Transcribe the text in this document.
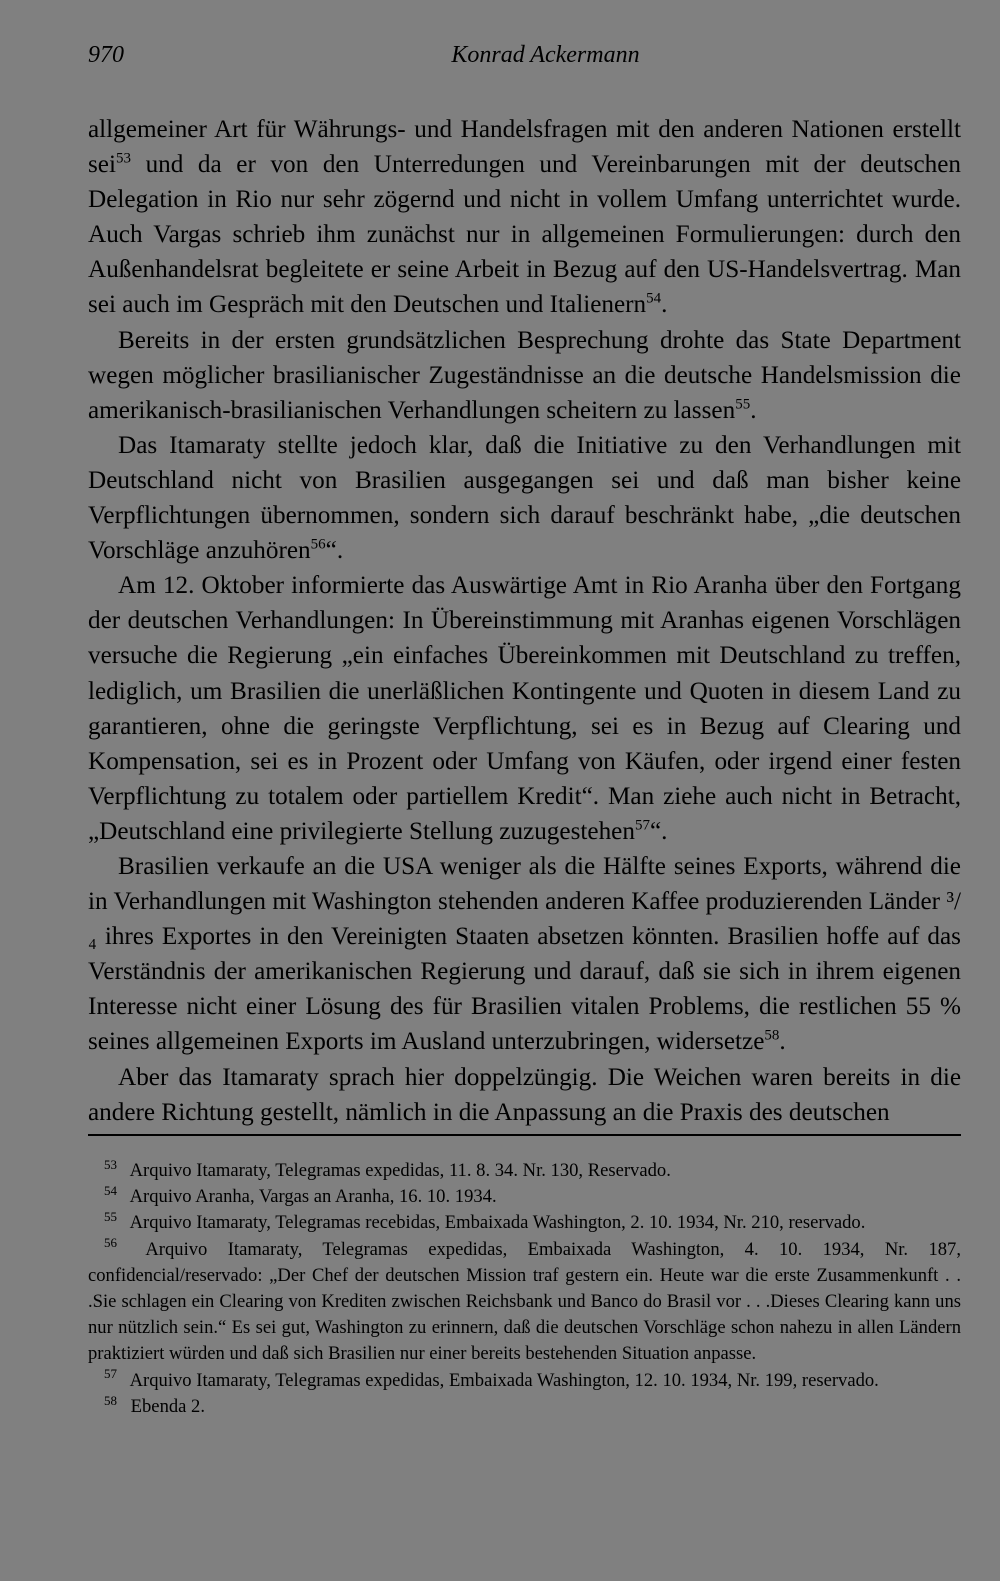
970	Konrad Ackermann

allgemeiner Art für Währungs- und Handelsfragen mit den anderen Nationen erstellt sei$^{53}$ und da er von den Unterredungen und Vereinbarungen mit der deutschen Delegation in Rio nur sehr zögernd und nicht in vollem Umfang unterrichtet wurde. Auch Vargas schrieb ihm zunächst nur in allgemeinen Formulierungen: durch den Außenhandelsrat begleitete er seine Arbeit in Bezug auf den US-Handelsvertrag. Man sei auch im Gespräch mit den Deutschen und Italienern$^{54}$.

Bereits in der ersten grundsätzlichen Besprechung drohte das State Department wegen möglicher brasilianischer Zugeständnisse an die deutsche Handelsmission die amerikanisch-brasilianischen Verhandlungen scheitern zu lassen$^{55}$.

Das Itamaraty stellte jedoch klar, daß die Initiative zu den Verhandlungen mit Deutschland nicht von Brasilien ausgegangen sei und daß man bisher keine Verpflichtungen übernommen, sondern sich darauf beschränkt habe, „die deutschen Vorschläge anzuhören$^{56}$“.

Am 12. Oktober informierte das Auswärtige Amt in Rio Aranha über den Fortgang der deutschen Verhandlungen: In Übereinstimmung mit Aranhas eigenen Vorschlägen versuche die Regierung „ein einfaches Übereinkommen mit Deutschland zu treffen, lediglich, um Brasilien die unerläßlichen Kontingente und Quoten in diesem Land zu garantieren, ohne die geringste Verpflichtung, sei es in Bezug auf Clearing und Kompensation, sei es in Prozent oder Umfang von Käufen, oder irgend einer festen Verpflichtung zu totalem oder partiellem Kredit“. Man ziehe auch nicht in Betracht, „Deutschland eine privilegierte Stellung zuzugestehen$^{57}$“.

Brasilien verkaufe an die USA weniger als die Hälfte seines Exports, während die in Verhandlungen mit Washington stehenden anderen Kaffee produzierenden Länder ³/₄ ihres Exportes in den Vereinigten Staaten absetzen könnten. Brasilien hoffe auf das Verständnis der amerikanischen Regierung und darauf, daß sie sich in ihrem eigenen Interesse nicht einer Lösung des für Brasilien vitalen Problems, die restlichen 55 % seines allgemeinen Exports im Ausland unterzubringen, widersetze$^{58}$.

Aber das Itamaraty sprach hier doppelzüngig. Die Weichen waren bereits in die andere Richtung gestellt, nämlich in die Anpassung an die Praxis des deutschen

53 Arquivo Itamaraty, Telegramas expedidas, 11. 8. 34. Nr. 130, Reservado.

54 Arquivo Aranha, Vargas an Aranha, 16. 10. 1934.

55 Arquivo Itamaraty, Telegramas recebidas, Embaixada Washington, 2. 10. 1934, Nr. 210, reservado.

56 Arquivo Itamaraty, Telegramas expedidas, Embaixada Washington, 4. 10. 1934, Nr. 187, confidencial/reservado: „Der Chef der deutschen Mission traf gestern ein. Heute war die erste Zusammenkunft . . .Sie schlagen ein Clearing von Krediten zwischen Reichsbank und Banco do Brasil vor . . .Dieses Clearing kann uns nur nützlich sein.“ Es sei gut, Washington zu erinnern, daß die deutschen Vorschläge schon nahezu in allen Ländern praktiziert würden und daß sich Brasilien nur einer bereits bestehenden Situation anpasse.

57 Arquivo Itamaraty, Telegramas expedidas, Embaixada Washington, 12. 10. 1934, Nr. 199, reservado.

58 Ebenda 2.
